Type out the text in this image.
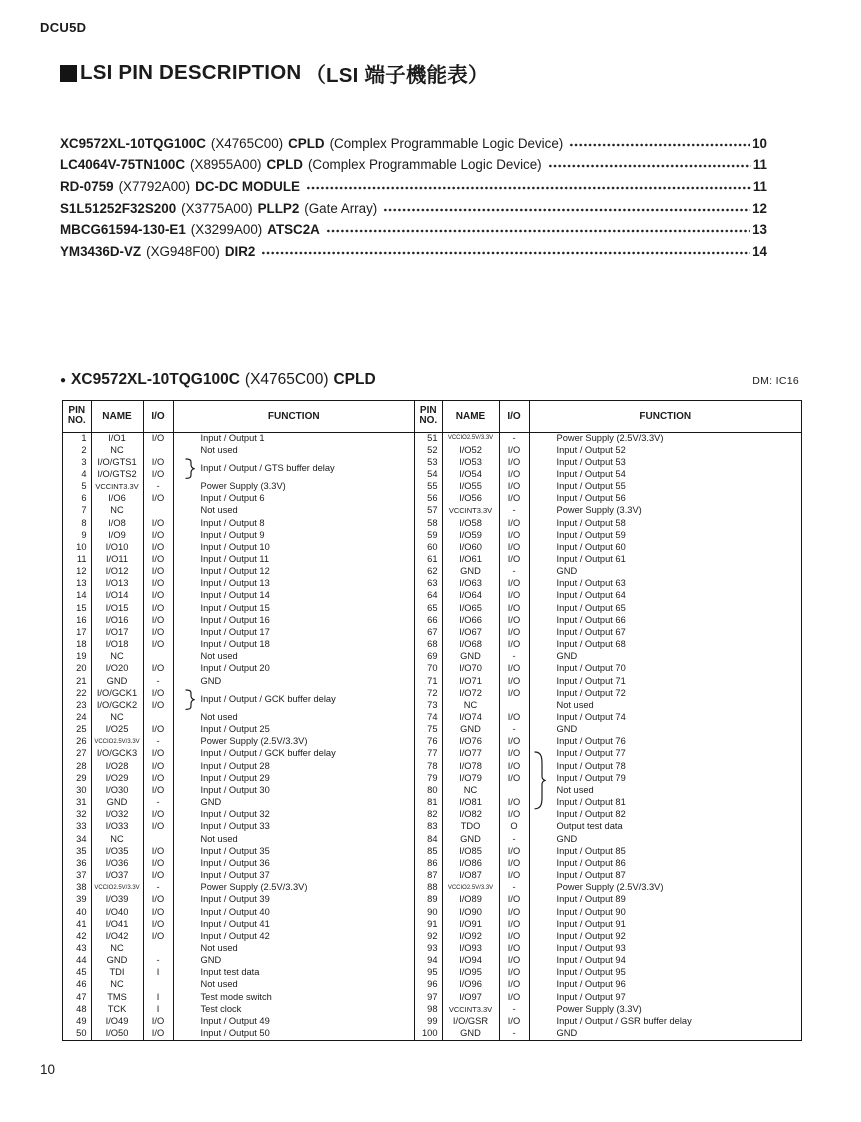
DCU5D
LSI PIN DESCRIPTION （LSI 端子機能表）
XC9572XL-10TQG100C (X4765C00) CPLD (Complex Programmable Logic Device)	10
LC4064V-75TN100C (X8955A00) CPLD (Complex Programmable Logic Device)	11
RD-0759 (X7792A00) DC-DC MODULE	11
S1L51252F32S200 (X3775A00) PLLP2 (Gate Array)	12
MBCG61594-130-E1 (X3299A00) ATSC2A	13
YM3436D-VZ (XG948F00) DIR2	14
● XC9572XL-10TQG100C (X4765C00) CPLD	DM: IC16
PIN
NO.	NAME	I/O	FUNCTION
1	I/O1	I/O	Input / Output 1
2	NC		Not used
3	I/O/GTS1	I/O	Input / Output / GTS buffer delay

4	I/O/GTS2	I/O	
5	VCCINT3.3V	-	Power Supply (3.3V)
6	I/O6	I/O	Input / Output 6
7	NC		Not used
8	I/O8	I/O	Input / Output 8
9	I/O9	I/O	Input / Output 9
10	I/O10	I/O	Input / Output 10
11	I/O11	I/O	Input / Output 11
12	I/O12	I/O	Input / Output 12
13	I/O13	I/O	Input / Output 13
14	I/O14	I/O	Input / Output 14
15	I/O15	I/O	Input / Output 15
16	I/O16	I/O	Input / Output 16
17	I/O17	I/O	Input / Output 17
18	I/O18	I/O	Input / Output 18
19	NC		Not used
20	I/O20	I/O	Input / Output 20
21	GND	-	GND
22	I/O/GCK1	I/O	Input / Output / GCK buffer delay

23	I/O/GCK2	I/O	
24	NC		Not used
25	I/O25	I/O	Input / Output 25
26	VCCIO2.5V/3.3V	-	Power Supply (2.5V/3.3V)
27	I/O/GCK3	I/O	Input / Output / GCK buffer delay
28	I/O28	I/O	Input / Output 28
29	I/O29	I/O	Input / Output 29
30	I/O30	I/O	Input / Output 30
31	GND	-	GND
32	I/O32	I/O	Input / Output 32
33	I/O33	I/O	Input / Output 33
34	NC		Not used
35	I/O35	I/O	Input / Output 35
36	I/O36	I/O	Input / Output 36
37	I/O37	I/O	Input / Output 37
38	VCCIO2.5V/3.3V	-	Power Supply (2.5V/3.3V)
39	I/O39	I/O	Input / Output 39
40	I/O40	I/O	Input / Output 40
41	I/O41	I/O	Input / Output 41
42	I/O42	I/O	Input / Output 42
43	NC		Not used
44	GND	-	GND
45	TDI	I	Input test data
46	NC		Not used
47	TMS	I	Test mode switch
48	TCK	I	Test clock
49	I/O49	I/O	Input / Output 49
50	I/O50	I/O	Input / Output 50
PIN
NO.	NAME	I/O	FUNCTION
51	VCCIO2.5V/3.3V	-	Power Supply (2.5V/3.3V)
52	I/O52	I/O	Input / Output 52
53	I/O53	I/O	Input / Output 53
54	I/O54	I/O	Input / Output 54
55	I/O55	I/O	Input / Output 55
56	I/O56	I/O	Input / Output 56
57	VCCINT3.3V	-	Power Supply (3.3V)
58	I/O58	I/O	Input / Output 58
59	I/O59	I/O	Input / Output 59
60	I/O60	I/O	Input / Output 60
61	I/O61	I/O	Input / Output 61
62	GND	-	GND
63	I/O63	I/O	Input / Output 63
64	I/O64	I/O	Input / Output 64
65	I/O65	I/O	Input / Output 65
66	I/O66	I/O	Input / Output 66
67	I/O67	I/O	Input / Output 67
68	I/O68	I/O	Input / Output 68
69	GND	-	GND
70	I/O70	I/O	Input / Output 70
71	I/O71	I/O	Input / Output 71
72	I/O72	I/O	Input / Output 72
73	NC		Not used
74	I/O74	I/O	Input / Output 74
75	GND	-	GND
76	I/O76	I/O	Input / Output 76
77	I/O77	I/O	Input / Output 77
78	I/O78	I/O	Input / Output 78
79	I/O79	I/O	Input / Output 79
80	NC		Not used
81	I/O81	I/O	Input / Output 81
82	I/O82	I/O	Input / Output 82
83	TDO	O	Output test data
84	GND	-	GND
85	I/O85	I/O	Input / Output 85
86	I/O86	I/O	Input / Output 86
87	I/O87	I/O	Input / Output 87
88	VCCIO2.5V/3.3V	-	Power Supply (2.5V/3.3V)
89	I/O89	I/O	Input / Output 89
90	I/O90	I/O	Input / Output 90
91	I/O91	I/O	Input / Output 91
92	I/O92	I/O	Input / Output 92
93	I/O93	I/O	Input / Output 93
94	I/O94	I/O	Input / Output 94
95	I/O95	I/O	Input / Output 95
96	I/O96	I/O	Input / Output 96
97	I/O97	I/O	Input / Output 97
98	VCCINT3.3V	-	Power Supply (3.3V)
99	I/O/GSR	I/O	Input / Output / GSR buffer delay
100	GND	-	GND
10
